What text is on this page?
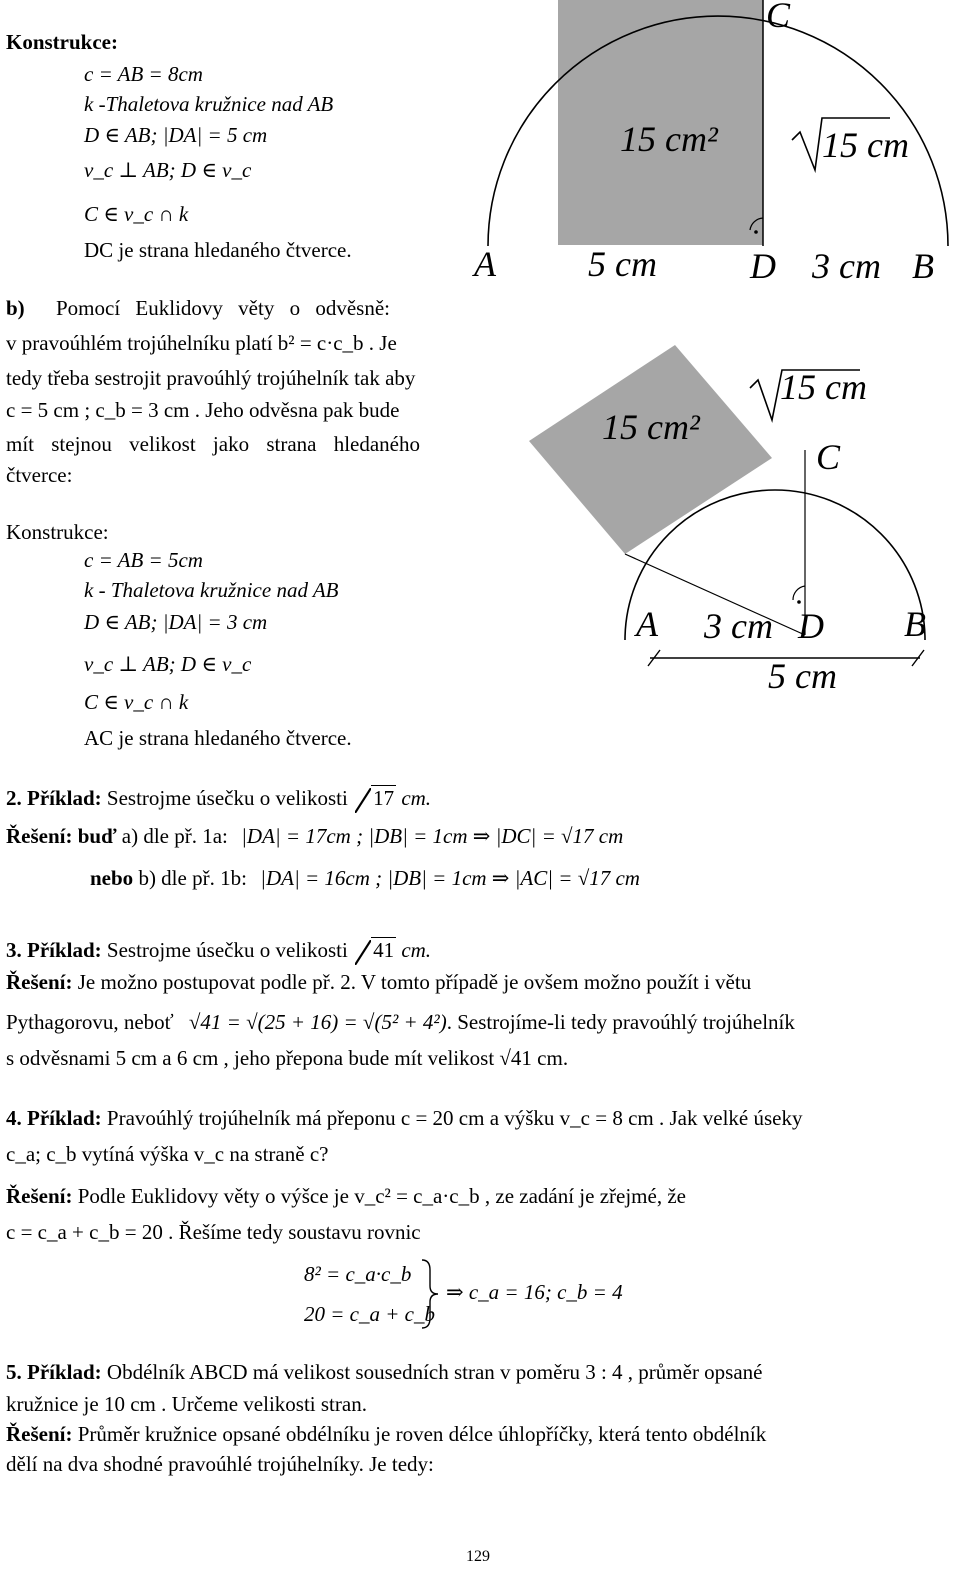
Konstrukce:
c = AB = 8cm
k -Thaletova kružnice nad AB
D ∈ AB; |DA| = 5 cm
v_c ⊥ AB; D ∈ v_c
C ∈ v_c ∩ k
DC je strana hledaného čtverce.
b) Pomocí Euklidovy věty o odvěsně:
v pravoúhlém trojúhelníku platí b² = c·c_b . Je
tedy třeba sestrojit pravoúhlý trojúhelník tak aby
c = 5 cm ; c_b = 3 cm . Jeho odvěsna pak bude
mít stejnou velikost jako strana hledaného
čtverce:
Konstrukce:
c = AB = 5cm
k - Thaletova kružnice nad AB
D ∈ AB; |DA| = 3 cm
v_c ⊥ AB; D ∈ v_c
C ∈ v_c ∩ k
AC je strana hledaného čtverce.
15 cm²	15 cm
C
A	5 cm	D 3 cm B
15 cm²
15 cm
C
A 3 cm D B
5 cm
2. Příklad: Sestrojme úsečku o velikosti 17 cm.
Řešení: buď a) dle př. 1a: |DA| = 17cm ; |DB| = 1cm ⇒ |DC| = √17 cm
nebo b) dle př. 1b: |DA| = 16cm ; |DB| = 1cm ⇒ |AC| = √17 cm
3. Příklad: Sestrojme úsečku o velikosti 41 cm.
Řešení: Je možno postupovat podle př. 2. V tomto případě je ovšem možno použít i větu
Pythagorovu, neboť √41 = √(25 + 16) = √(5² + 4²). Sestrojíme-li tedy pravoúhlý trojúhelník
s odvěsnami 5 cm a 6 cm , jeho přepona bude mít velikost √41 cm.
4. Příklad: Pravoúhlý trojúhelník má přeponu c = 20 cm a výšku v_c = 8 cm . Jak velké úseky
c_a; c_b vytíná výška v_c na straně c?
Řešení: Podle Euklidovy věty o výšce je v_c² = c_a·c_b , ze zadání je zřejmé, že
c = c_a + c_b = 20 . Řešíme tedy soustavu rovnic
8² = c_a·c_b
20 = c_a + c_b
⇒ c_a = 16; c_b = 4
5. Příklad: Obdélník ABCD má velikost sousedních stran v poměru 3 : 4 , průměr opsané
kružnice je 10 cm . Určeme velikosti stran.
Řešení: Průměr kružnice opsané obdélníku je roven délce úhlopříčky, která tento obdélník
dělí na dva shodné pravoúhlé trojúhelníky. Je tedy:
129
